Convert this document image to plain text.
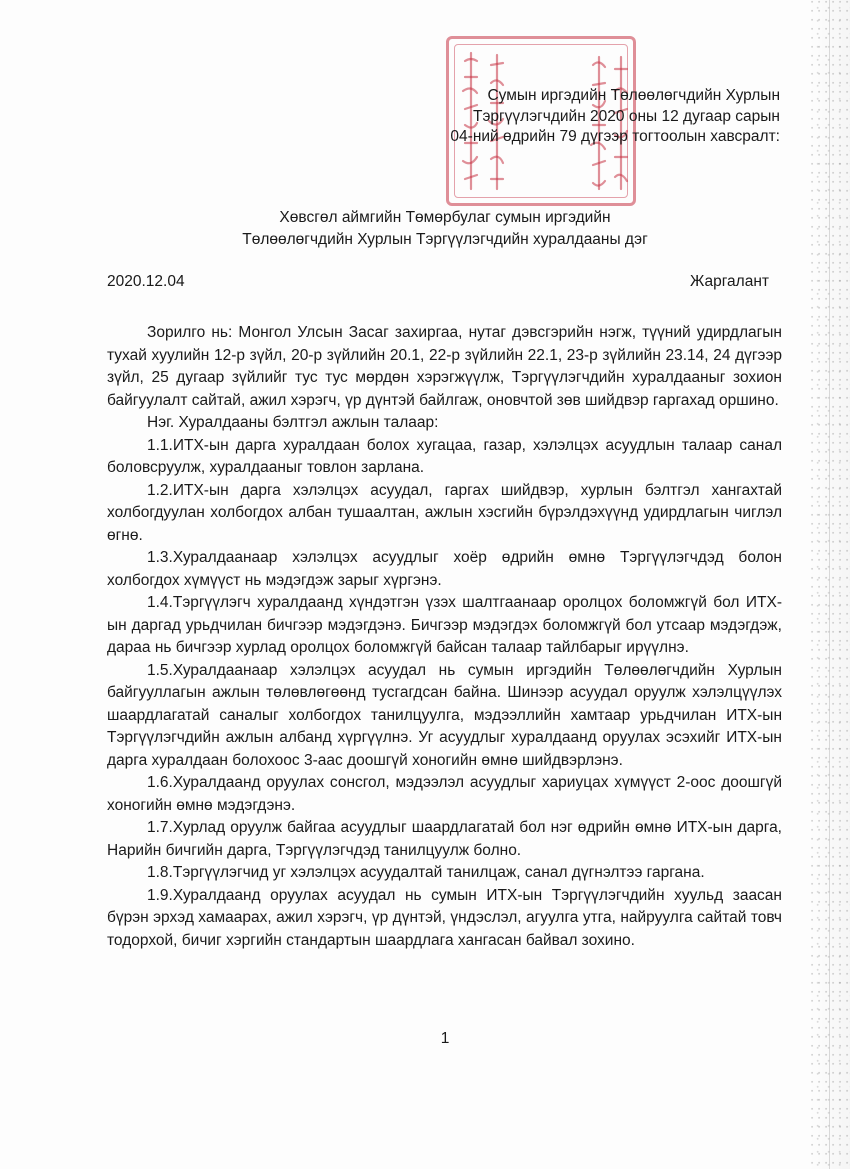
Сумын иргэдийн Төлөөлөгчдийн Хурлын
Тэргүүлэгчдийн 2020 оны 12 дугаар сарын
04-ний өдрийн 79 дүгээр тогтоолын хавсралт:
Хөвсгөл аймгийн Төмөрбулаг сумын иргэдийн
Төлөөлөгчдийн Хурлын Тэргүүлэгчдийн хуралдааны дэг
2020.12.04	Жаргалант

Зорилго нь: Монгол Улсын Засаг захиргаа, нутаг дэвсгэрийн нэгж, түүний удирдлагын тухай хуулийн 12-р зүйл, 20-р зүйлийн 20.1, 22-р зүйлийн 22.1, 23-р зүйлийн 23.14, 24 дүгээр зүйл, 25 дугаар зүйлийг тус тус мөрдөн хэрэгжүүлж, Тэргүүлэгчдийн хуралдааныг зохион байгуулалт сайтай, ажил хэрэгч, үр дүнтэй байлгаж, оновчтой зөв шийдвэр гаргахад оршино.

Нэг. Хуралдааны бэлтгэл ажлын талаар:

1.1.ИТХ-ын дарга хуралдаан болох хугацаа, газар, хэлэлцэх асуудлын талаар санал боловсруулж, хуралдааныг товлон зарлана.

1.2.ИТХ-ын дарга хэлэлцэх асуудал, гаргах шийдвэр, хурлын бэлтгэл хангахтай холбогдуулан холбогдох албан тушаалтан, ажлын хэсгийн бүрэлдэхүүнд удирдлагын чиглэл өгнө.

1.3.Хуралдаанаар хэлэлцэх асуудлыг хоёр өдрийн өмнө Тэргүүлэгчдэд болон холбогдох хүмүүст нь мэдэгдэж зарыг хүргэнэ.

1.4.Тэргүүлэгч хуралдаанд хүндэтгэн үзэх шалтгаанаар оролцох боломжгүй бол ИТХ-ын даргад урьдчилан бичгээр мэдэгдэнэ. Бичгээр мэдэгдэх боломжгүй бол утсаар мэдэгдэж, дараа нь бичгээр хурлад оролцох боломжгүй байсан талаар тайлбарыг ирүүлнэ.

1.5.Хуралдаанаар хэлэлцэх асуудал нь сумын иргэдийн Төлөөлөгчдийн Хурлын байгууллагын ажлын төлөвлөгөөнд тусгагдсан байна. Шинээр асуудал оруулж хэлэлцүүлэх шаардлагатай саналыг холбогдох танилцуулга, мэдээллийн хамтаар урьдчилан ИТХ-ын Тэргүүлэгчдийн ажлын албанд хүргүүлнэ. Уг асуудлыг хуралдаанд оруулах эсэхийг ИТХ-ын дарга хуралдаан болохоос 3-аас доошгүй хоногийн өмнө шийдвэрлэнэ.

1.6.Хуралдаанд оруулах сонсгол, мэдээлэл асуудлыг хариуцах хүмүүст 2-оос доошгүй хоногийн өмнө мэдэгдэнэ.

1.7.Хурлад оруулж байгаа асуудлыг шаардлагатай бол нэг өдрийн өмнө ИТХ-ын дарга, Нарийн бичгийн дарга, Тэргүүлэгчдэд танилцуулж болно.

1.8.Тэргүүлэгчид уг хэлэлцэх асуудалтай танилцаж, санал дүгнэлтээ гаргана.

1.9.Хуралдаанд оруулах асуудал нь сумын ИТХ-ын Тэргүүлэгчдийн хуульд заасан бүрэн эрхэд хамаарах, ажил хэрэгч, үр дүнтэй, үндэслэл, агуулга утга, найруулга сайтай товч тодорхой, бичиг хэргийн стандартын шаардлага хангасан байвал зохино.

1
